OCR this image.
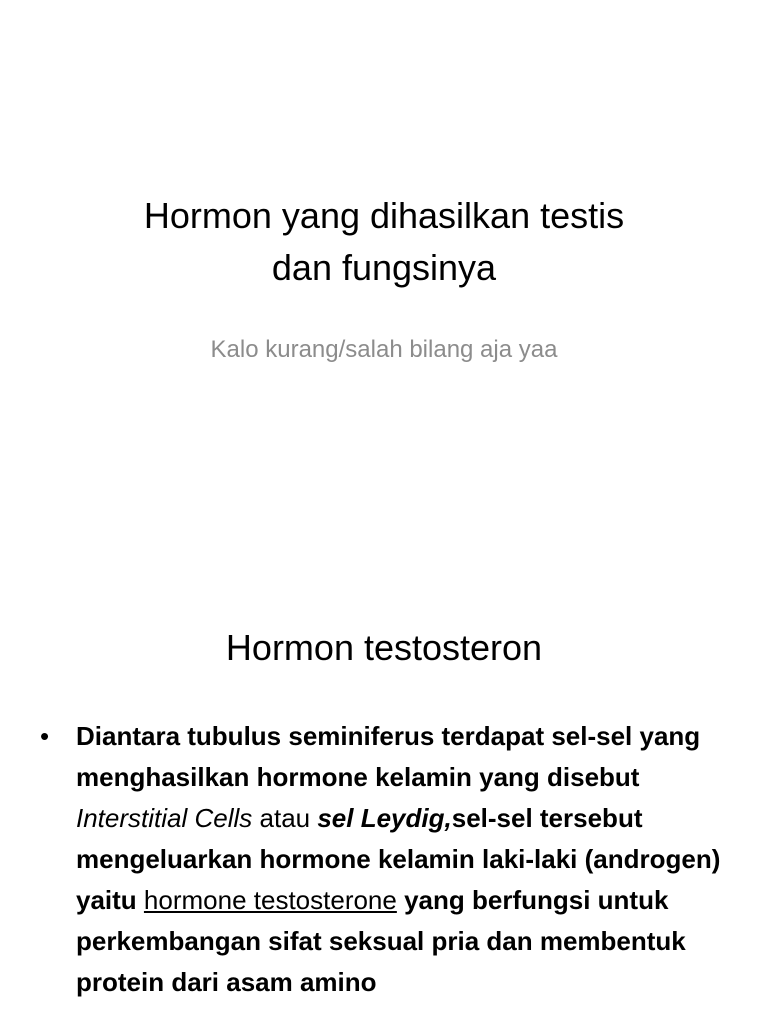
Hormon yang dihasilkan testis
dan fungsinya

Kalo kurang/salah bilang aja yaa

Hormon testosteron
• Diantara tubulus seminiferus terdapat sel-sel yang menghasilkan hormone kelamin yang disebut Interstitial Cells atau sel Leydig,sel-sel tersebut mengeluarkan hormone kelamin laki-laki (androgen) yaitu hormone testosterone yang berfungsi untuk perkembangan sifat seksual pria dan membentuk protein dari asam amino
